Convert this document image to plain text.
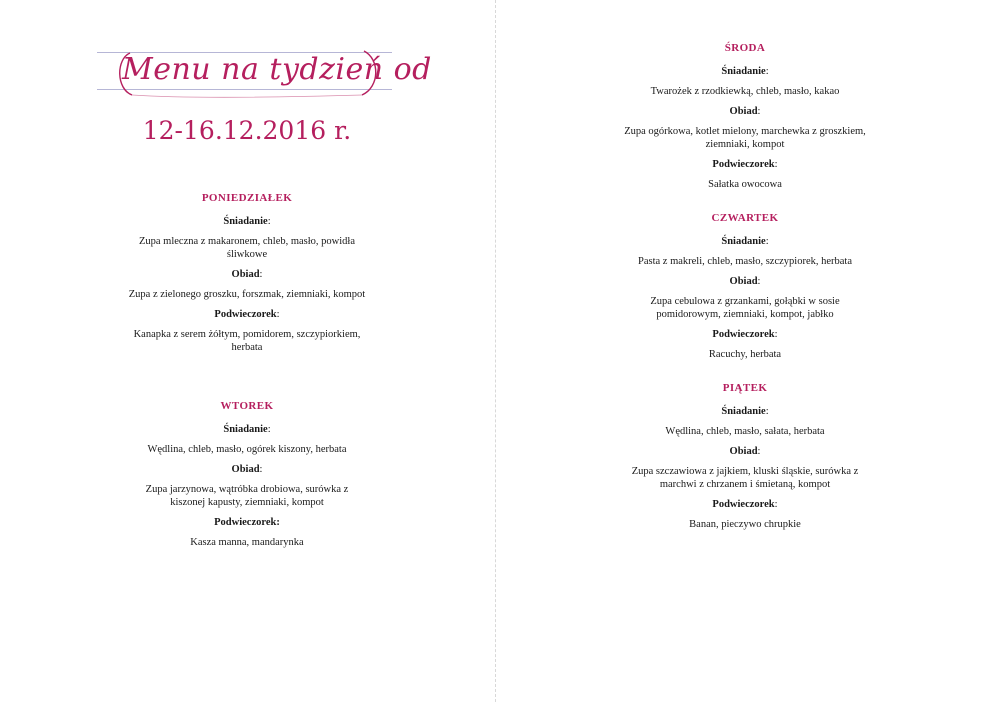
Menu na tydzień od
12-16.12.2016 r.
PONIEDZIAŁEK
Śniadanie:
Zupa mleczna z makaronem, chleb, masło, powidła śliwkowe
Obiad:
Zupa z zielonego groszku, forszmak, ziemniaki, kompot
Podwieczorek:
Kanapka z serem żółtym, pomidorem, szczypiorkiem, herbata
WTOREK
Śniadanie:
Wędlina, chleb, masło, ogórek kiszony, herbata
Obiad:
Zupa jarzynowa, wątróbka drobiowa, surówka z kiszonej kapusty, ziemniaki, kompot
Podwieczorek:
Kasza manna, mandarynka
ŚRODA
Śniadanie:
Twarożek z rzodkiewką, chleb, masło, kakao
Obiad:
Zupa ogórkowa, kotlet mielony, marchewka z groszkiem, ziemniaki, kompot
Podwieczorek:
Sałatka owocowa
CZWARTEK
Śniadanie:
Pasta z makreli, chleb, masło, szczypiorek, herbata
Obiad:
Zupa cebulowa z grzankami, gołąbki w sosie pomidorowym, ziemniaki, kompot, jabłko
Podwieczorek:
Racuchy, herbata
PIĄTEK
Śniadanie:
Wędlina, chleb, masło, sałata, herbata
Obiad:
Zupa szczawiowa z jajkiem, kluski śląskie, surówka z marchwi z chrzanem i śmietaną, kompot
Podwieczorek:
Banan, pieczywo chrupkie
